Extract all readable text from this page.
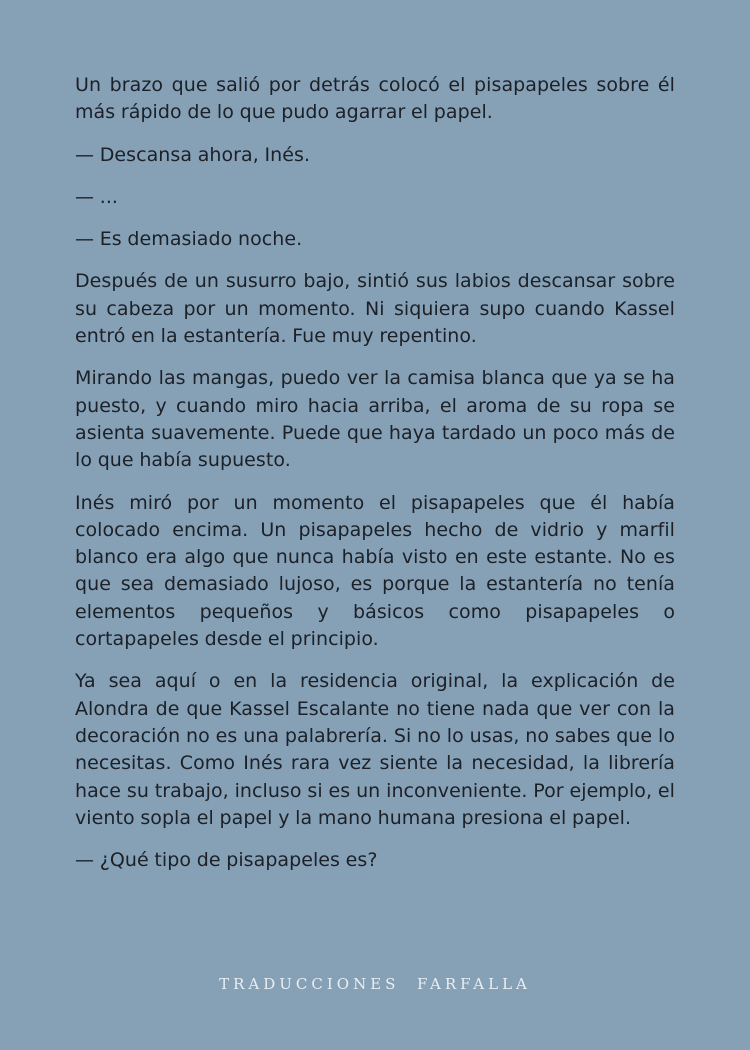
Un brazo que salió por detrás colocó el pisapapeles sobre él más rápido de lo que pudo agarrar el papel.

— Descansa ahora, Inés.

— ...

— Es demasiado noche.

Después de un susurro bajo, sintió sus labios descansar sobre su cabeza por un momento. Ni siquiera supo cuando Kassel entró en la estantería. Fue muy repentino.

Mirando las mangas, puedo ver la camisa blanca que ya se ha puesto, y cuando miro hacia arriba, el aroma de su ropa se asienta suavemente. Puede que haya tardado un poco más de lo que había supuesto.

Inés miró por un momento el pisapapeles que él había colocado encima. Un pisapapeles hecho de vidrio y marfil blanco era algo que nunca había visto en este estante. No es que sea demasiado lujoso, es porque la estantería no tenía elementos pequeños y básicos como pisapapeles o cortapapeles desde el principio.

Ya sea aquí o en la residencia original, la explicación de Alondra de que Kassel Escalante no tiene nada que ver con la decoración no es una palabrería. Si no lo usas, no sabes que lo necesitas. Como Inés rara vez siente la necesidad, la librería hace su trabajo, incluso si es un inconveniente. Por ejemplo, el viento sopla el papel y la mano humana presiona el papel.

— ¿Qué tipo de pisapapeles es?

TRADUCCIONES  FARFALLA
